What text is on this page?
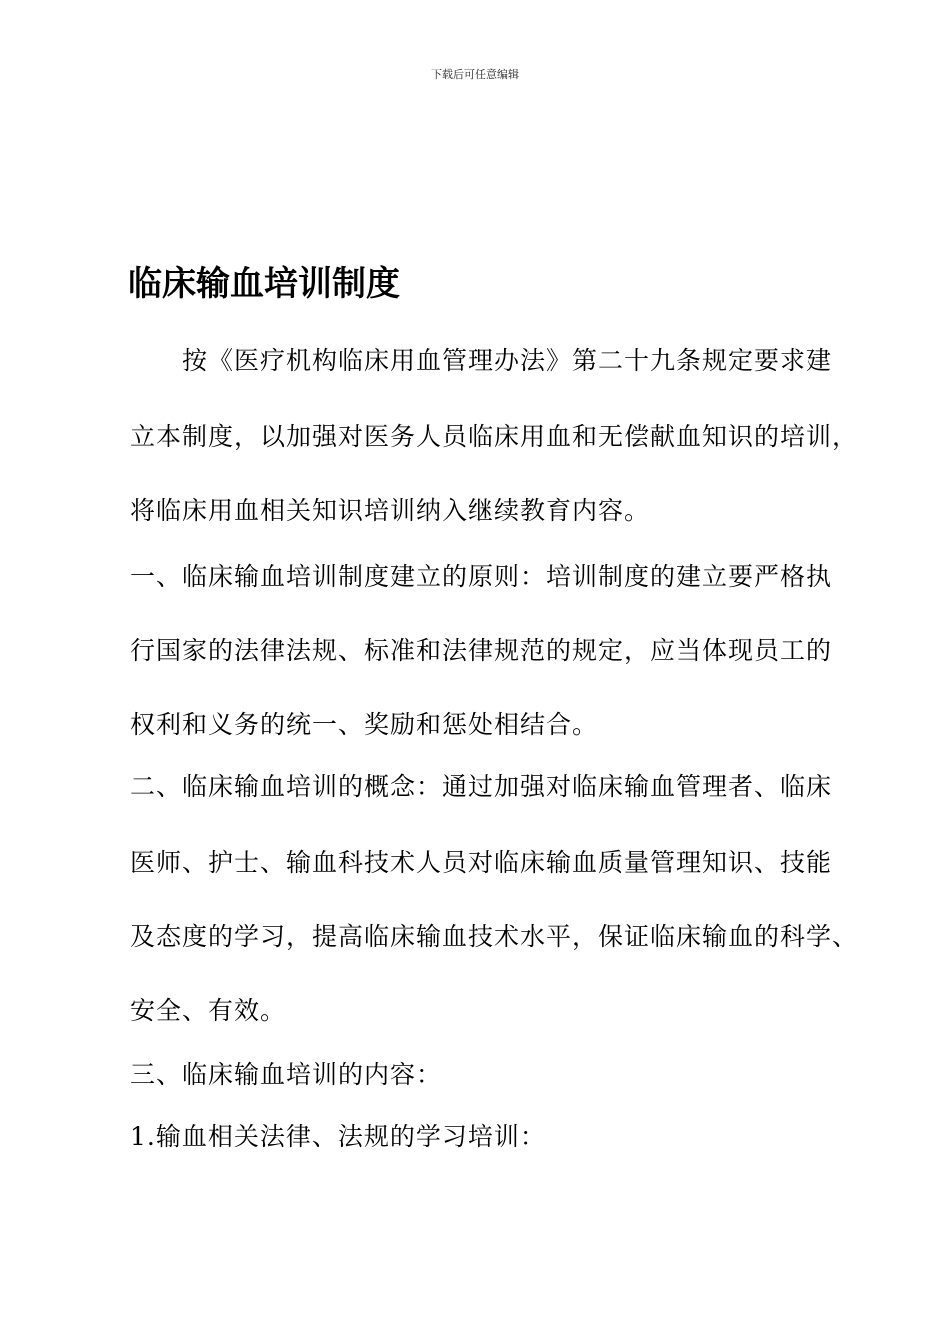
下载后可任意编辑
临床输血培训制度

按《医疗机构临床用血管理办法》第二十九条规定要求建

立本制度，以加强对医务人员临床用血和无偿献血知识的培训，

将临床用血相关知识培训纳入继续教育内容。

一、临床输血培训制度建立的原则：培训制度的建立要严格执

行国家的法律法规、标准和法律规范的规定，应当体现员工的

权利和义务的统一、奖励和惩处相结合。

二、临床输血培训的概念：通过加强对临床输血管理者、临床

医师、护士、输血科技术人员对临床输血质量管理知识、技能

及态度的学习，提高临床输血技术水平，保证临床输血的科学、

安全、有效。

三、临床输血培训的内容：

1.输血相关法律、法规的学习培训：
